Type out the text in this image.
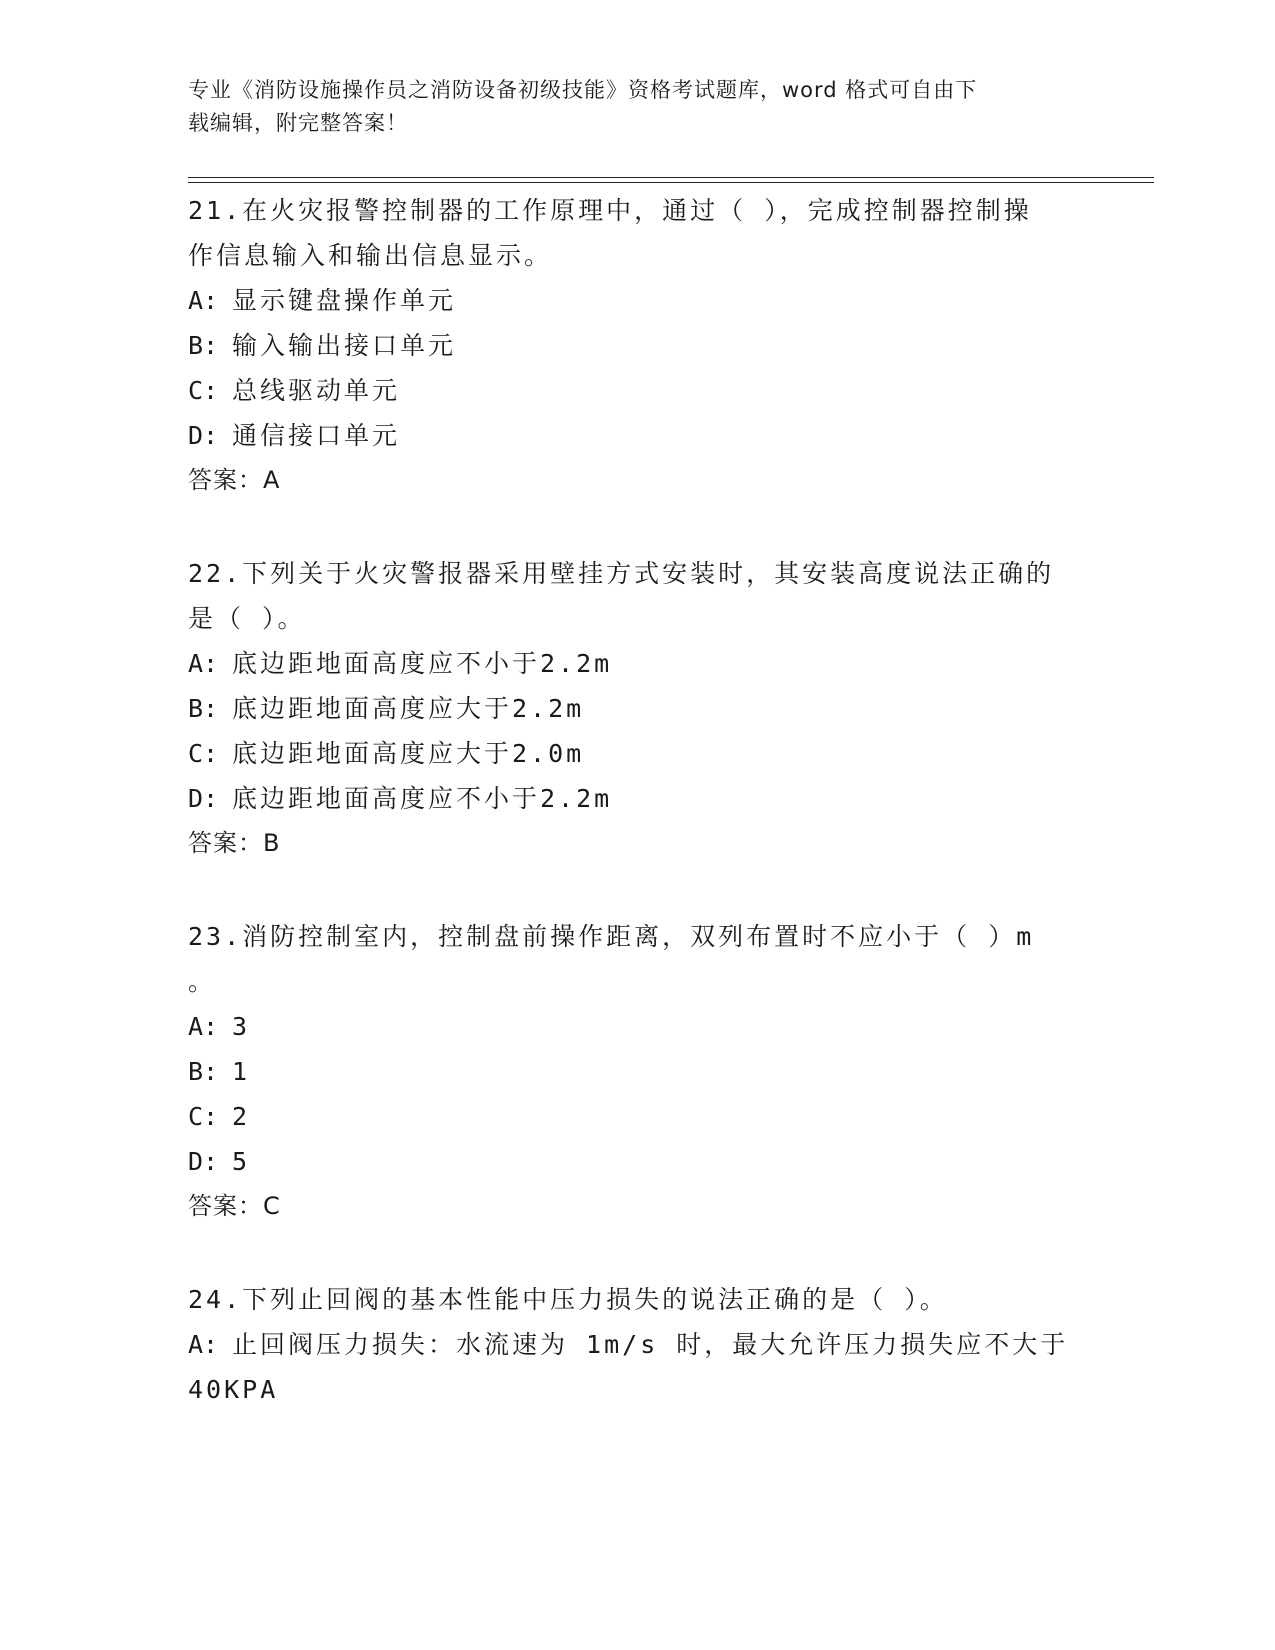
专业《消防设施操作员之消防设备初级技能》资格考试题库，word 格式可自由下
载编辑，附完整答案！

21.在火灾报警控制器的工作原理中，通过（ ），完成控制器控制操

作信息输入和输出信息显示。

A: 显示键盘操作单元

B: 输入输出接口单元

C: 总线驱动单元

D: 通信接口单元

答案：A

22.下列关于火灾警报器采用壁挂方式安装时，其安装高度说法正确的

是（ ）。

A: 底边距地面高度应不小于2.2m

B: 底边距地面高度应大于2.2m

C: 底边距地面高度应大于2.0m

D: 底边距地面高度应不小于2.2m

答案：B

23.消防控制室内，控制盘前操作距离，双列布置时不应小于（ ）m

。

A: 3

B: 1

C: 2

D: 5

答案：C

24.下列止回阀的基本性能中压力损失的说法正确的是（ ）。

A: 止回阀压力损失：水流速为 1m/s 时，最大允许压力损失应不大于

40KPA
